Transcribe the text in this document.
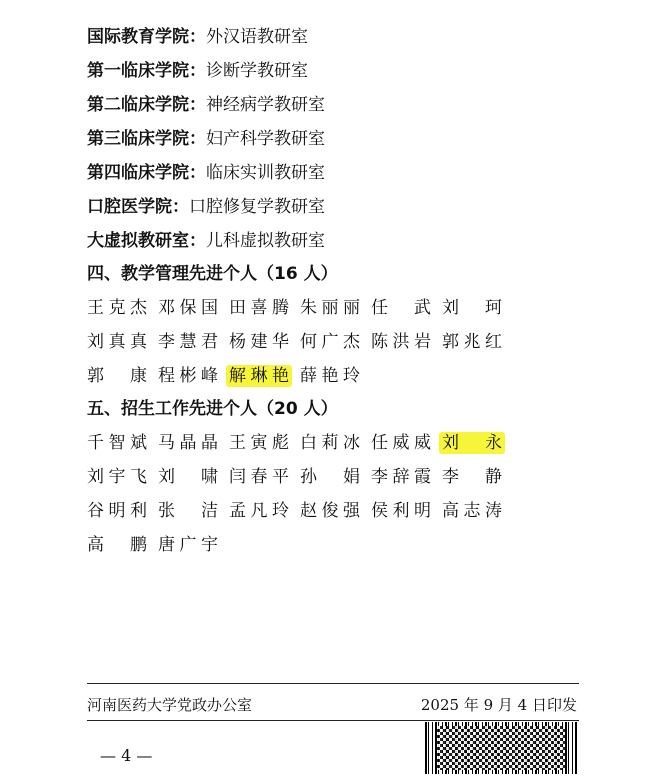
国际教育学院：外汉语教研室
第一临床学院：诊断学教研室
第二临床学院：神经病学教研室
第三临床学院：妇产科学教研室
第四临床学院：临床实训教研室
口腔医学院：口腔修复学教研室
大虚拟教研室：儿科虚拟教研室
四、教学管理先进个人（16 人）
王克杰 邓保国 田喜腾 朱丽丽 任　武 刘　珂
刘真真 李慧君 杨建华 何广杰 陈洪岩 郭兆红
郭　康 程彬峰 解琳艳 薛艳玲
五、招生工作先进个人（20 人）
千智斌 马晶晶 王寅彪 白莉冰 任威威 刘　永
刘宇飞 刘　啸 闫春平 孙　娟 李辞霞 李　静
谷明利 张　洁 孟凡玲 赵俊强 侯利明 高志涛
高　鹏 唐广宇
河南医药大学党政办公室	2025 年 9 月 4 日印发
— 4 —
